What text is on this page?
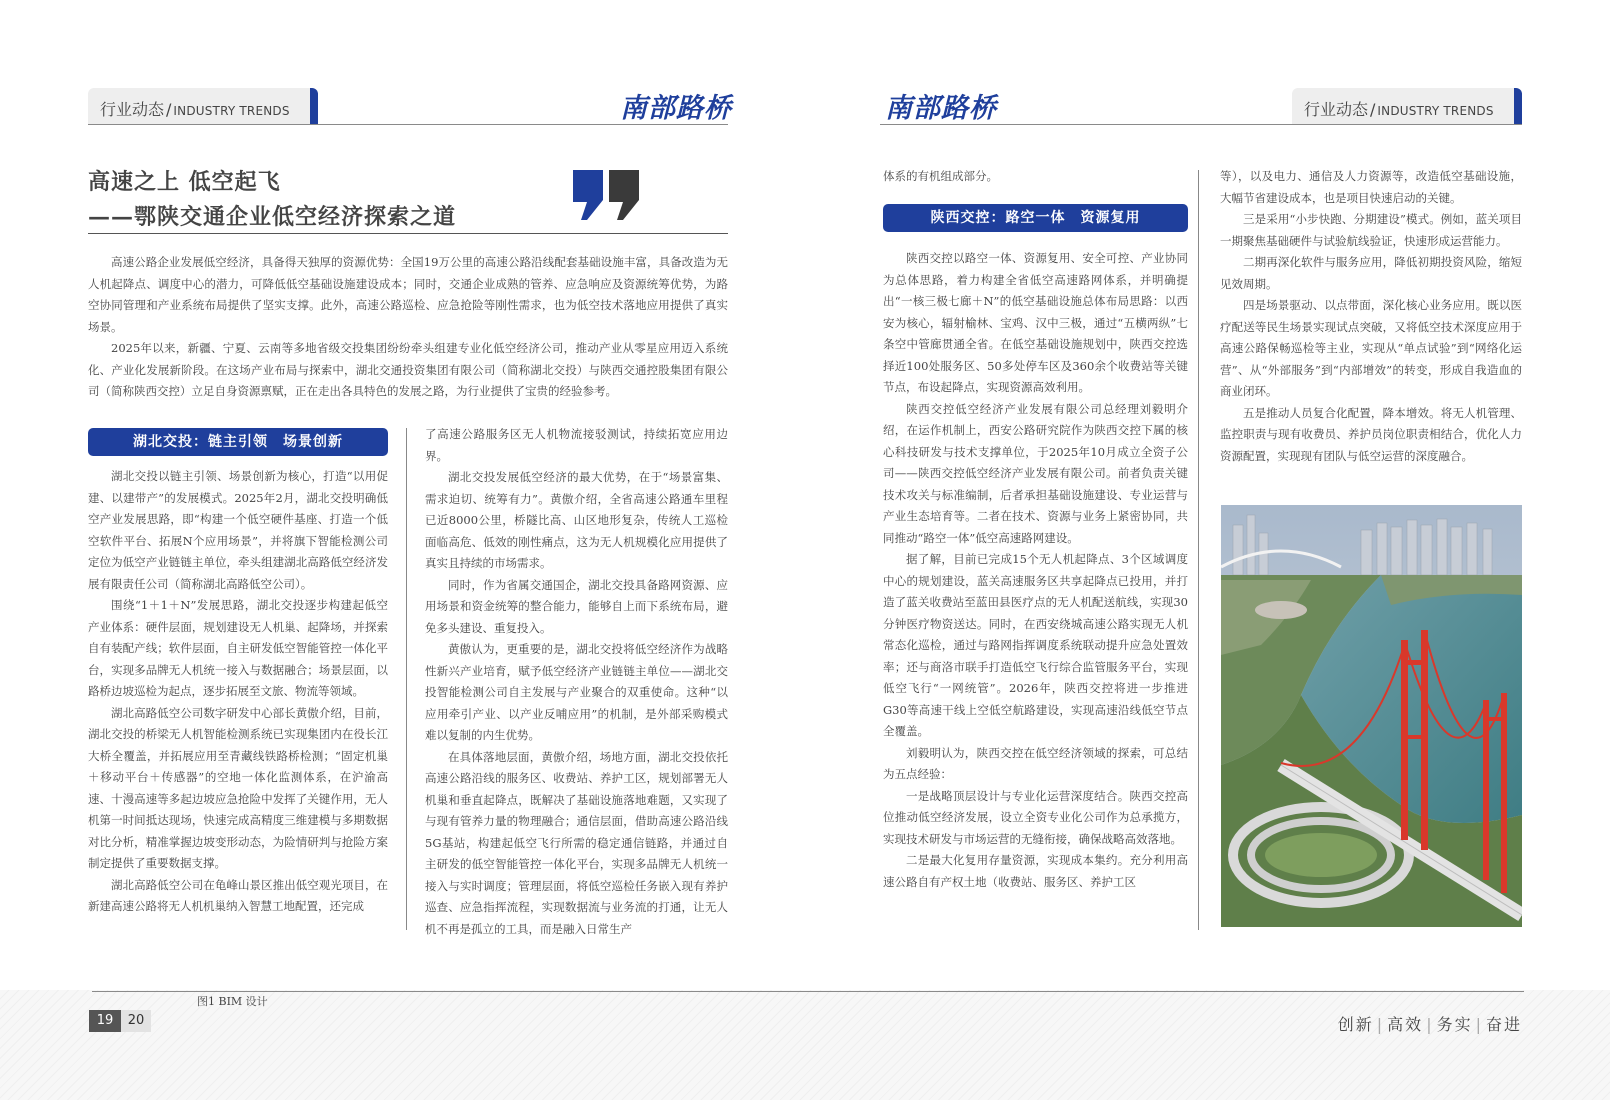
行业动态 / INDUSTRY TRENDS	南部路桥
高速之上 低空起飞
——鄂陕交通企业低空经济探索之道

高速公路企业发展低空经济，具备得天独厚的资源优势：全国19万公里的高速公路沿线配套基础设施丰富，具备改造为无人机起降点、调度中心的潜力，可降低低空基础设施建设成本；同时，交通企业成熟的管养、应急响应及资源统筹优势，为路空协同管理和产业系统布局提供了坚实支撑。此外，高速公路巡检、应急抢险等刚性需求，也为低空技术落地应用提供了真实场景。

2025年以来，新疆、宁夏、云南等多地省级交投集团纷纷牵头组建专业化低空经济公司，推动产业从零星应用迈入系统化、产业化发展新阶段。在这场产业布局与探索中，湖北交通投资集团有限公司（简称湖北交投）与陕西交通控股集团有限公司（简称陕西交控）立足自身资源禀赋，正在走出各具特色的发展之路，为行业提供了宝贵的经验参考。

湖北交投：链主引领　场景创新

湖北交投以链主引领、场景创新为核心，打造“以用促建、以建带产”的发展模式。2025年2月，湖北交投明确低空产业发展思路，即“构建一个低空硬件基座、打造一个低空软件平台、拓展N个应用场景”，并将旗下智能检测公司定位为低空产业链链主单位，牵头组建湖北高路低空经济发展有限责任公司（简称湖北高路低空公司）。

围绕“1＋1＋N”发展思路，湖北交投逐步构建起低空产业体系：硬件层面，规划建设无人机巢、起降场，并探索自有装配产线；软件层面，自主研发低空智能管控一体化平台，实现多品牌无人机统一接入与数据融合；场景层面，以路桥边坡巡检为起点，逐步拓展至文旅、物流等领域。

湖北高路低空公司数字研发中心部长黄傲介绍，目前，湖北交投的桥梁无人机智能检测系统已实现集团内在役长江大桥全覆盖，并拓展应用至青藏线铁路桥检测；“固定机巢＋移动平台＋传感器”的空地一体化监测体系，在沪渝高速、十漫高速等多起边坡应急抢险中发挥了关键作用，无人机第一时间抵达现场，快速完成高精度三维建模与多期数据对比分析，精准掌握边坡变形动态，为险情研判与抢险方案制定提供了重要数据支撑。

湖北高路低空公司在龟峰山景区推出低空观光项目，在新建高速公路将无人机机巢纳入智慧工地配置，还完成

了高速公路服务区无人机物流接驳测试，持续拓宽应用边界。

湖北交投发展低空经济的最大优势，在于“场景富集、需求迫切、统筹有力”。黄傲介绍，全省高速公路通车里程已近8000公里，桥隧比高、山区地形复杂，传统人工巡检面临高危、低效的刚性痛点，这为无人机规模化应用提供了真实且持续的市场需求。

同时，作为省属交通国企，湖北交投具备路网资源、应用场景和资金统筹的整合能力，能够自上而下系统布局，避免多头建设、重复投入。

黄傲认为，更重要的是，湖北交投将低空经济作为战略性新兴产业培育，赋予低空经济产业链链主单位——湖北交投智能检测公司自主发展与产业聚合的双重使命。这种“以应用牵引产业、以产业反哺应用”的机制，是外部采购模式难以复制的内生优势。

在具体落地层面，黄傲介绍，场地方面，湖北交投依托高速公路沿线的服务区、收费站、养护工区，规划部署无人机巢和垂直起降点，既解决了基础设施落地难题，又实现了与现有管养力量的物理融合；通信层面，借助高速公路沿线5G基站，构建起低空飞行所需的稳定通信链路，并通过自主研发的低空智能管控一体化平台，实现多品牌无人机统一接入与实时调度；管理层面，将低空巡检任务嵌入现有养护巡查、应急指挥流程，实现数据流与业务流的打通，让无人机不再是孤立的工具，而是融入日常生产

南部路桥	行业动态 / INDUSTRY TRENDS

体系的有机组成部分。

陕西交控：路空一体　资源复用

陕西交控以路空一体、资源复用、安全可控、产业协同为总体思路，着力构建全省低空高速路网体系，并明确提出“一核三极七廊＋N”的低空基础设施总体布局思路：以西安为核心，辐射榆林、宝鸡、汉中三极，通过“五横两纵”七条空中管廊贯通全省。在低空基础设施规划中，陕西交控选择近100处服务区、50多处停车区及360余个收费站等关键节点，布设起降点，实现资源高效利用。

陕西交控低空经济产业发展有限公司总经理刘毅明介绍，在运作机制上，西安公路研究院作为陕西交控下属的核心科技研发与技术支撑单位，于2025年10月成立全资子公司——陕西交控低空经济产业发展有限公司。前者负责关键技术攻关与标准编制，后者承担基础设施建设、专业运营与产业生态培育等。二者在技术、资源与业务上紧密协同，共同推动“路空一体”低空高速路网建设。

据了解，目前已完成15个无人机起降点、3个区域调度中心的规划建设，蓝关高速服务区共享起降点已投用，并打造了蓝关收费站至蓝田县医疗点的无人机配送航线，实现30分钟医疗物资送达。同时，在西安绕城高速公路实现无人机常态化巡检，通过与路网指挥调度系统联动提升应急处置效率；还与商洛市联手打造低空飞行综合监管服务平台，实现低空飞行“一网统管”。2026年，陕西交控将进一步推进G30等高速干线上空低空航路建设，实现高速沿线低空节点全覆盖。

刘毅明认为，陕西交控在低空经济领域的探索，可总结为五点经验：

一是战略顶层设计与专业化运营深度结合。陕西交控高位推动低空经济发展，设立全资专业化公司作为总承揽方，实现技术研发与市场运营的无缝衔接，确保战略高效落地。

二是最大化复用存量资源，实现成本集约。充分利用高速公路自有产权土地（收费站、服务区、养护工区

等），以及电力、通信及人力资源等，改造低空基础设施，大幅节省建设成本，也是项目快速启动的关键。

三是采用“小步快跑、分期建设”模式。例如，蓝关项目一期聚焦基础硬件与试验航线验证，快速形成运营能力。

二期再深化软件与服务应用，降低初期投资风险，缩短见效周期。

四是场景驱动、以点带面，深化核心业务应用。既以医疗配送等民生场景实现试点突破，又将低空技术深度应用于高速公路保畅巡检等主业，实现从“单点试验”到“网络化运营”、从“外部服务”到“内部增效”的转变，形成自我造血的商业闭环。

五是推动人员复合化配置，降本增效。将无人机管理、监控职责与现有收费员、养护员岗位职责相结合，优化人力资源配置，实现现有团队与低空运营的深度融合。

图1 BIM 设计
19	20	创新 | 高效 | 务实 | 奋进
